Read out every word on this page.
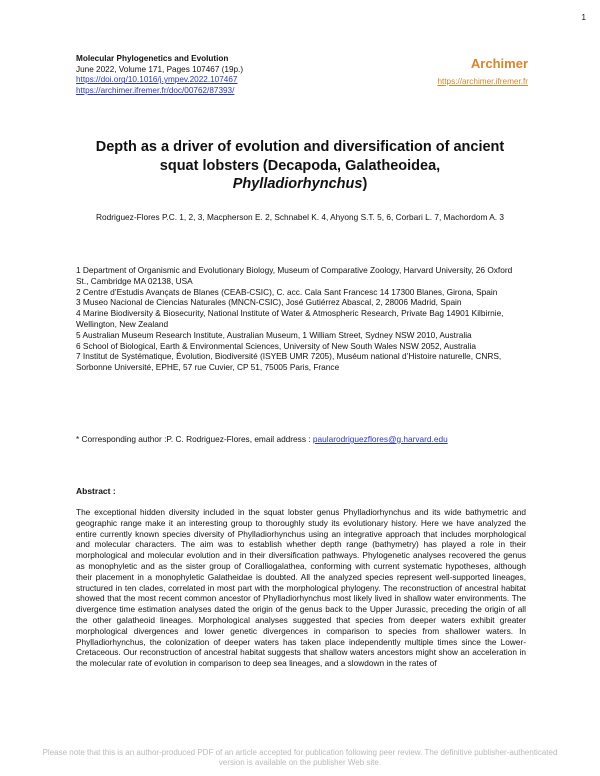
1
Molecular Phylogenetics and Evolution
June 2022, Volume 171, Pages 107467 (19p.)
https://doi.org/10.1016/j.ympev.2022.107467
https://archimer.ifremer.fr/doc/00762/87393/
Archimer
https://archimer.ifremer.fr
Depth as a driver of evolution and diversification of ancient
squat lobsters (Decapoda, Galatheoidea,
Phylladiorhynchus)
Rodriguez-Flores P.C. 1, 2, 3, Macpherson E. 2, Schnabel K. 4, Ahyong S.T. 5, 6, Corbari L. 7, Machordom A. 3
1 Department of Organismic and Evolutionary Biology, Museum of Comparative Zoology, Harvard University, 26 Oxford St., Cambridge MA 02138, USA
2 Centre d’Estudis Avançats de Blanes (CEAB-CSIC), C. acc. Cala Sant Francesc 14 17300 Blanes, Girona, Spain
3 Museo Nacional de Ciencias Naturales (MNCN-CSIC), José Gutiérrez Abascal, 2, 28006 Madrid, Spain
4 Marine Biodiversity & Biosecurity, National Institute of Water & Atmospheric Research, Private Bag 14901 Kilbirnie, Wellington, New Zealand
5 Australian Museum Research Institute, Australian Museum, 1 William Street, Sydney NSW 2010, Australia
6 School of Biological, Earth & Environmental Sciences, University of New South Wales NSW 2052, Australia
7 Institut de Systématique, Évolution, Biodiversité (ISYEB UMR 7205), Muséum national d’Histoire naturelle, CNRS, Sorbonne Université, EPHE, 57 rue Cuvier, CP 51, 75005 Paris, France
* Corresponding author :P. C. Rodriguez-Flores, email address : paularodriguezflores@g.harvard.edu
Abstract :
The exceptional hidden diversity included in the squat lobster genus Phylladiorhynchus and its wide bathymetric and geographic range make it an interesting group to thoroughly study its evolutionary history. Here we have analyzed the entire currently known species diversity of Phylladiorhynchus using an integrative approach that includes morphological and molecular characters. The aim was to establish whether depth range (bathymetry) has played a role in their morphological and molecular evolution and in their diversification pathways. Phylogenetic analyses recovered the genus as monophyletic and as the sister group of Coralliogalathea, conforming with current systematic hypotheses, although their placement in a monophyletic Galatheidae is doubted. All the analyzed species represent well-supported lineages, structured in ten clades, correlated in most part with the morphological phylogeny. The reconstruction of ancestral habitat showed that the most recent common ancestor of Phylladiorhynchus most likely lived in shallow water environments. The divergence time estimation analyses dated the origin of the genus back to the Upper Jurassic, preceding the origin of all the other galatheoid lineages. Morphological analyses suggested that species from deeper waters exhibit greater morphological divergences and lower genetic divergences in comparison to species from shallower waters. In Phylladiorhynchus, the colonization of deeper waters has taken place independently multiple times since the Lower-Cretaceous. Our reconstruction of ancestral habitat suggests that shallow waters ancestors might show an acceleration in the molecular rate of evolution in comparison to deep sea lineages, and a slowdown in the rates of
Please note that this is an author-produced PDF of an article accepted for publication following peer review. The definitive publisher-authenticated version is available on the publisher Web site.
